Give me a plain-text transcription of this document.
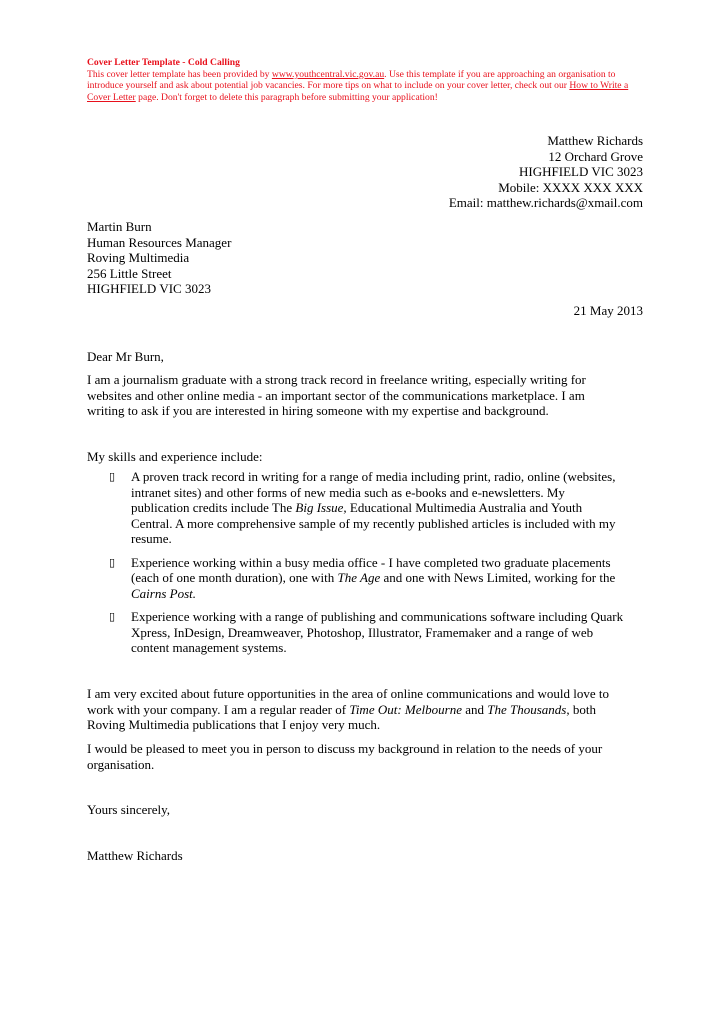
Cover Letter Template - Cold Calling
This cover letter template has been provided by www.youthcentral.vic.gov.au. Use this template if you are approaching an organisation to
introduce yourself and ask about potential job vacancies. For more tips on what to include on your cover letter, check out our How to Write a
Cover Letter page. Don't forget to delete this paragraph before submitting your application!
Matthew Richards
12 Orchard Grove
HIGHFIELD VIC 3023
Mobile: XXXX XXX XXX
Email: matthew.richards@xmail.com
Martin Burn
Human Resources Manager
Roving Multimedia
256 Little Street
HIGHFIELD VIC 3023
21 May 2013
Dear Mr Burn,
I am a journalism graduate with a strong track record in freelance writing, especially writing for
websites and other online media - an important sector of the communications marketplace. I am
writing to ask if you are interested in hiring someone with my expertise and background.
My skills and experience include:
▯ A proven track record in writing for a range of media including print, radio, online (websites,
intranet sites) and other forms of new media such as e-books and e-newsletters. My
publication credits include The Big Issue, Educational Multimedia Australia and Youth
Central. A more comprehensive sample of my recently published articles is included with my
resume.
▯ Experience working within a busy media office - I have completed two graduate placements
(each of one month duration), one with The Age and one with News Limited, working for the
Cairns Post.
▯ Experience working with a range of publishing and communications software including Quark
Xpress, InDesign, Dreamweaver, Photoshop, Illustrator, Framemaker and a range of web
content management systems.
I am very excited about future opportunities in the area of online communications and would love to
work with your company. I am a regular reader of Time Out: Melbourne and The Thousands, both
Roving Multimedia publications that I enjoy very much.
I would be pleased to meet you in person to discuss my background in relation to the needs of your
organisation.
Yours sincerely,
Matthew Richards
